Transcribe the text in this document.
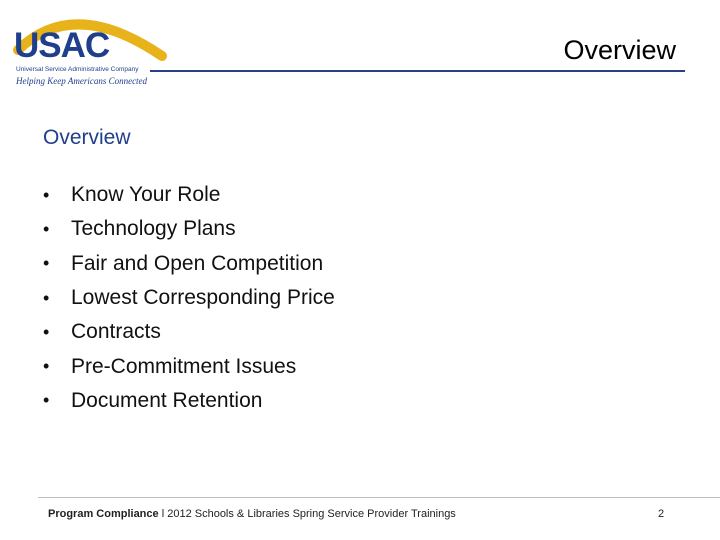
USAC
Universal Service Administrative Company
Helping Keep Americans Connected
Overview
Overview
•	Know Your Role
•	Technology Plans
•	Fair and Open Competition
•	Lowest Corresponding Price
•	Contracts
•	Pre-Commitment Issues
•	Document Retention
Program Compliance l 2012 Schools & Libraries Spring Service Provider Trainings	2
